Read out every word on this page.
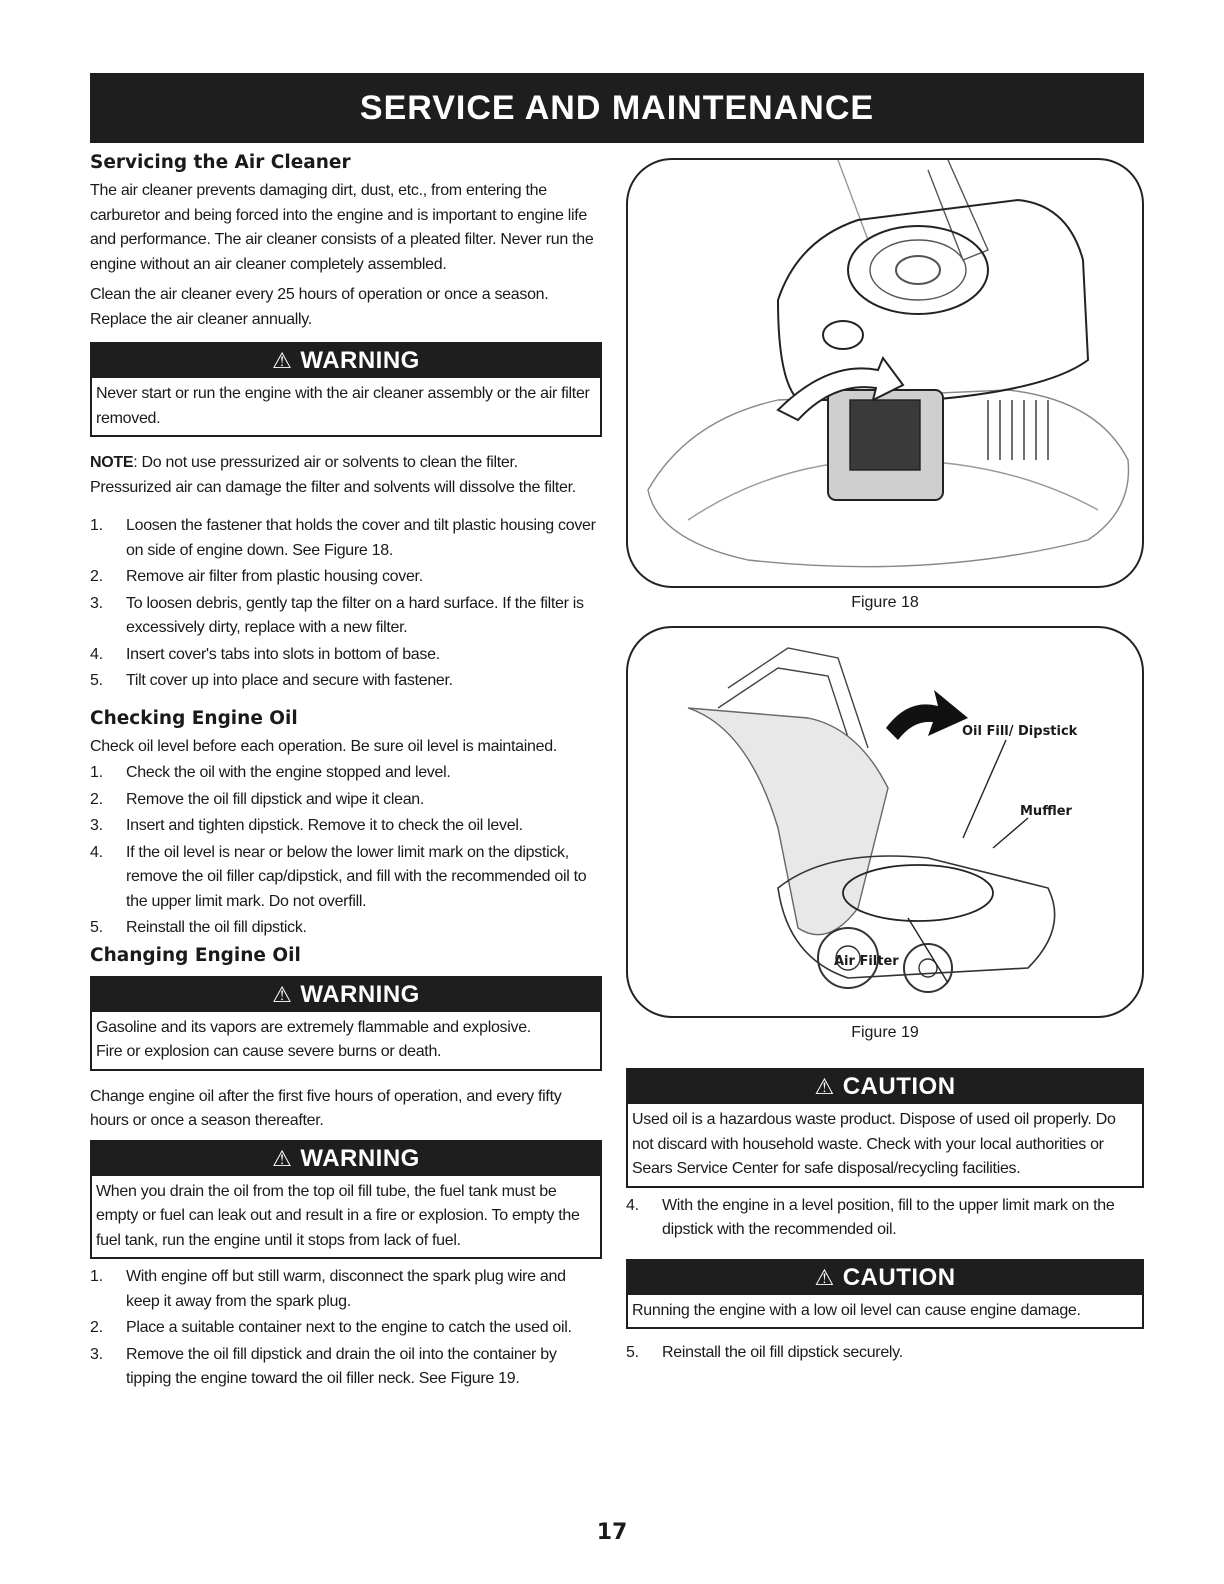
SERVICE AND MAINTENANCE
Servicing the Air Cleaner

The air cleaner prevents damaging dirt, dust, etc., from entering the carburetor and being forced into the engine and is important to engine life and performance. The air cleaner consists of a pleated filter. Never run the engine without an air cleaner completely assembled.

Clean the air cleaner every 25 hours of operation or once a season. Replace the air cleaner annually.

⚠ WARNING
Never start or run the engine with the air cleaner assembly or the air filter removed.

NOTE: Do not use pressurized air or solvents to clean the filter. Pressurized air can damage the filter and solvents will dissolve the filter.

1. Loosen the fastener that holds the cover and tilt plastic housing cover on side of engine down. See Figure 18.
2. Remove air filter from plastic housing cover.
3. To loosen debris, gently tap the filter on a hard surface. If the filter is excessively dirty, replace with a new filter.
4. Insert cover's tabs into slots in bottom of base.
5. Tilt cover up into place and secure with fastener.
Checking Engine Oil

Check oil level before each operation. Be sure oil level is maintained.

1. Check the oil with the engine stopped and level.
2. Remove the oil fill dipstick and wipe it clean.
3. Insert and tighten dipstick. Remove it to check the oil level.
4. If the oil level is near or below the lower limit mark on the dipstick, remove the oil filler cap/dipstick, and fill with the recommended oil to the upper limit mark. Do not overfill.
5. Reinstall the oil fill dipstick.
Changing Engine Oil
⚠ WARNING
Gasoline and its vapors are extremely flammable and explosive.
Fire or explosion can cause severe burns or death.

Change engine oil after the first five hours of operation, and every fifty hours or once a season thereafter.

⚠ WARNING
When you drain the oil from the top oil fill tube, the fuel tank must be empty or fuel can leak out and result in a fire or explosion. To empty the fuel tank, run the engine until it stops from lack of fuel.
1. With engine off but still warm, disconnect the spark plug wire and keep it away from the spark plug.
2. Place a suitable container next to the engine to catch the used oil.
3. Remove the oil fill dipstick and drain the oil into the container by tipping the engine toward the oil filler neck. See Figure 19.
Figure 18
Oil Fill/ Dipstick
Muffler
Air Filter
Figure 19
⚠ CAUTION
Used oil is a hazardous waste product. Dispose of used oil properly. Do not discard with household waste. Check with your local authorities or Sears Service Center for safe disposal/recycling facilities.
4. With the engine in a level position, fill to the upper limit mark on the dipstick with the recommended oil.
⚠ CAUTION
Running the engine with a low oil level can cause engine damage.
5. Reinstall the oil fill dipstick securely.
17
